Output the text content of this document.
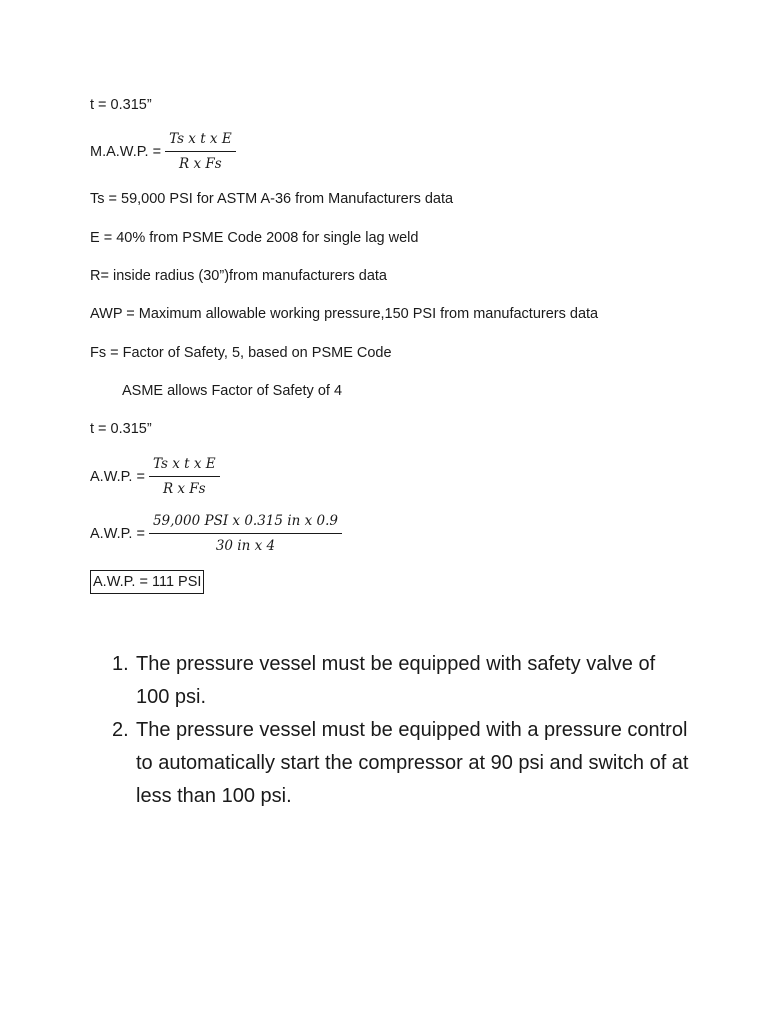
t = 0.315”
M.A.W.P. = $\frac{\text{Ts x t x E}}{\text{R x Fs}}$
Ts = 59,000 PSI for ASTM A-36 from Manufacturers data
E = 40% from PSME Code 2008 for single lag weld
R= inside radius (30”)from manufacturers data
AWP = Maximum allowable working pressure,150 PSI from manufacturers data
Fs = Factor of Safety, 5, based on PSME Code
ASME allows Factor of Safety of 4
t = 0.315”
A.W.P. = $\frac{\text{Ts x t x E}}{\text{R x Fs}}$
A.W.P. = $\frac{\text{59,000 PSI x 0.315 in x 0.9}}{\text{30 in x 4}}$
A.W.P. = 111 PSI
1. The pressure vessel must be equipped with safety valve of 100 psi.
2. The pressure vessel must be equipped with a pressure control to automatically start the compressor at 90 psi and switch of at less than 100 psi.
